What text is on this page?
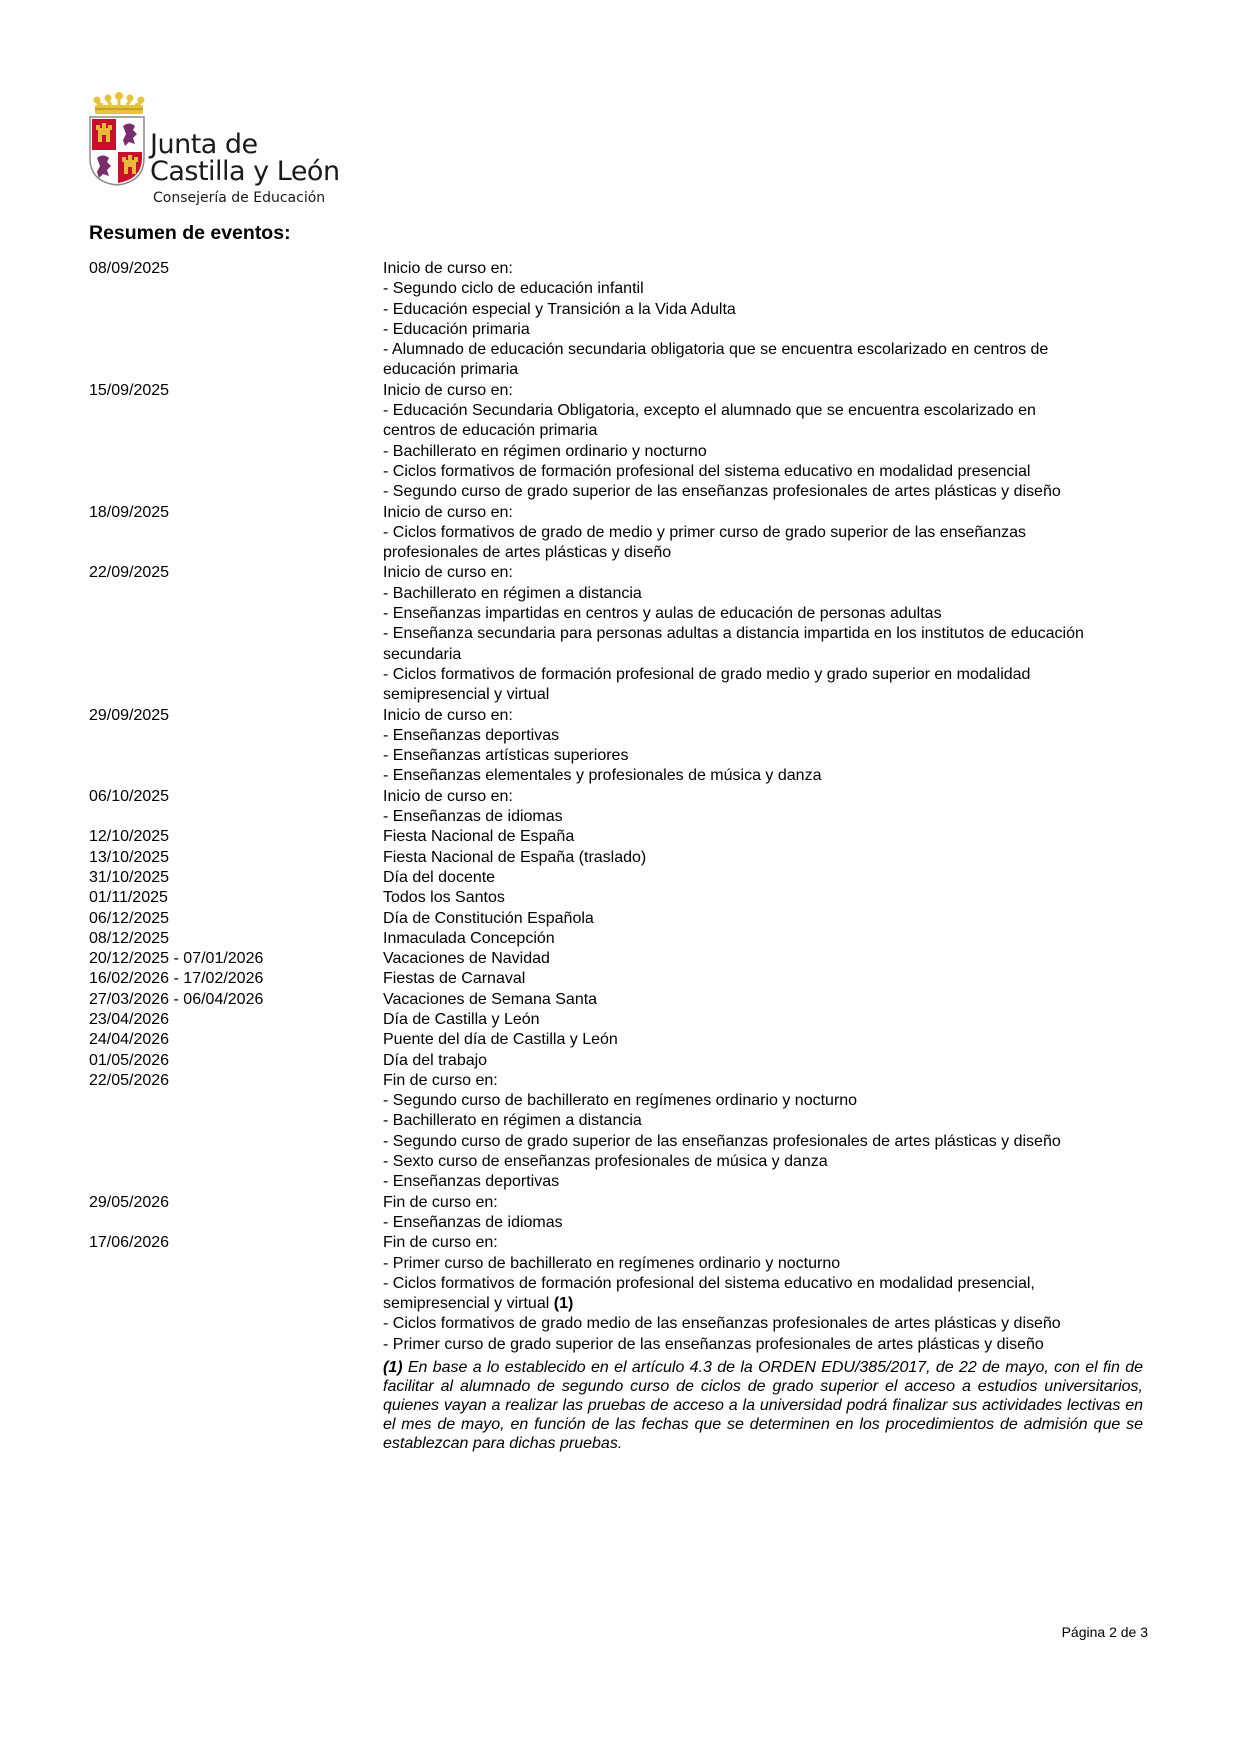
Junta de
Castilla y León
Consejería de Educación
Resumen de eventos:
08/09/2025	Inicio de curso en:
- Segundo ciclo de educación infantil
- Educación especial y Transición a la Vida Adulta
- Educación primaria
- Alumnado de educación secundaria obligatoria que se encuentra escolarizado en centros de
educación primaria
15/09/2025	Inicio de curso en:
- Educación Secundaria Obligatoria, excepto el alumnado que se encuentra escolarizado en
centros de educación primaria
- Bachillerato en régimen ordinario y nocturno
- Ciclos formativos de formación profesional del sistema educativo en modalidad presencial
- Segundo curso de grado superior de las enseñanzas profesionales de artes plásticas y diseño
18/09/2025	Inicio de curso en:
- Ciclos formativos de grado de medio y primer curso de grado superior de las enseñanzas
profesionales de artes plásticas y diseño
22/09/2025	Inicio de curso en:
- Bachillerato en régimen a distancia
- Enseñanzas impartidas en centros y aulas de educación de personas adultas
- Enseñanza secundaria para personas adultas a distancia impartida en los institutos de educación
secundaria
- Ciclos formativos de formación profesional de grado medio y grado superior en modalidad
semipresencial y virtual
29/09/2025	Inicio de curso en:
- Enseñanzas deportivas
- Enseñanzas artísticas superiores
- Enseñanzas elementales y profesionales de música y danza
06/10/2025	Inicio de curso en:
- Enseñanzas de idiomas
12/10/2025	Fiesta Nacional de España
13/10/2025	Fiesta Nacional de España (traslado)
31/10/2025	Día del docente
01/11/2025	Todos los Santos
06/12/2025	Día de Constitución Española
08/12/2025	Inmaculada Concepción
20/12/2025 - 07/01/2026	Vacaciones de Navidad
16/02/2026 - 17/02/2026	Fiestas de Carnaval
27/03/2026 - 06/04/2026	Vacaciones de Semana Santa
23/04/2026	Día de Castilla y León
24/04/2026	Puente del día de Castilla y León
01/05/2026	Día del trabajo
22/05/2026	Fin de curso en:
- Segundo curso de bachillerato en regímenes ordinario y nocturno
- Bachillerato en régimen a distancia
- Segundo curso de grado superior de las enseñanzas profesionales de artes plásticas y diseño
- Sexto curso de enseñanzas profesionales de música y danza
- Enseñanzas deportivas
29/05/2026	Fin de curso en:
- Enseñanzas de idiomas
17/06/2026	Fin de curso en:
- Primer curso de bachillerato en regímenes ordinario y nocturno
- Ciclos formativos de formación profesional del sistema educativo en modalidad presencial,
semipresencial y virtual (1)
- Ciclos formativos de grado medio de las enseñanzas profesionales de artes plásticas y diseño
- Primer curso de grado superior de las enseñanzas profesionales de artes plásticas y diseño
(1) En base a lo establecido en el artículo 4.3 de la ORDEN EDU/385/2017, de 22 de mayo, con el fin de facilitar al alumnado de segundo curso de ciclos de grado superior el acceso a estudios universitarios, quienes vayan a realizar las pruebas de acceso a la universidad podrá finalizar sus actividades lectivas en el mes de mayo, en función de las fechas que se determinen en los procedimientos de admisión que se establezcan para dichas pruebas.
Página 2 de 3
